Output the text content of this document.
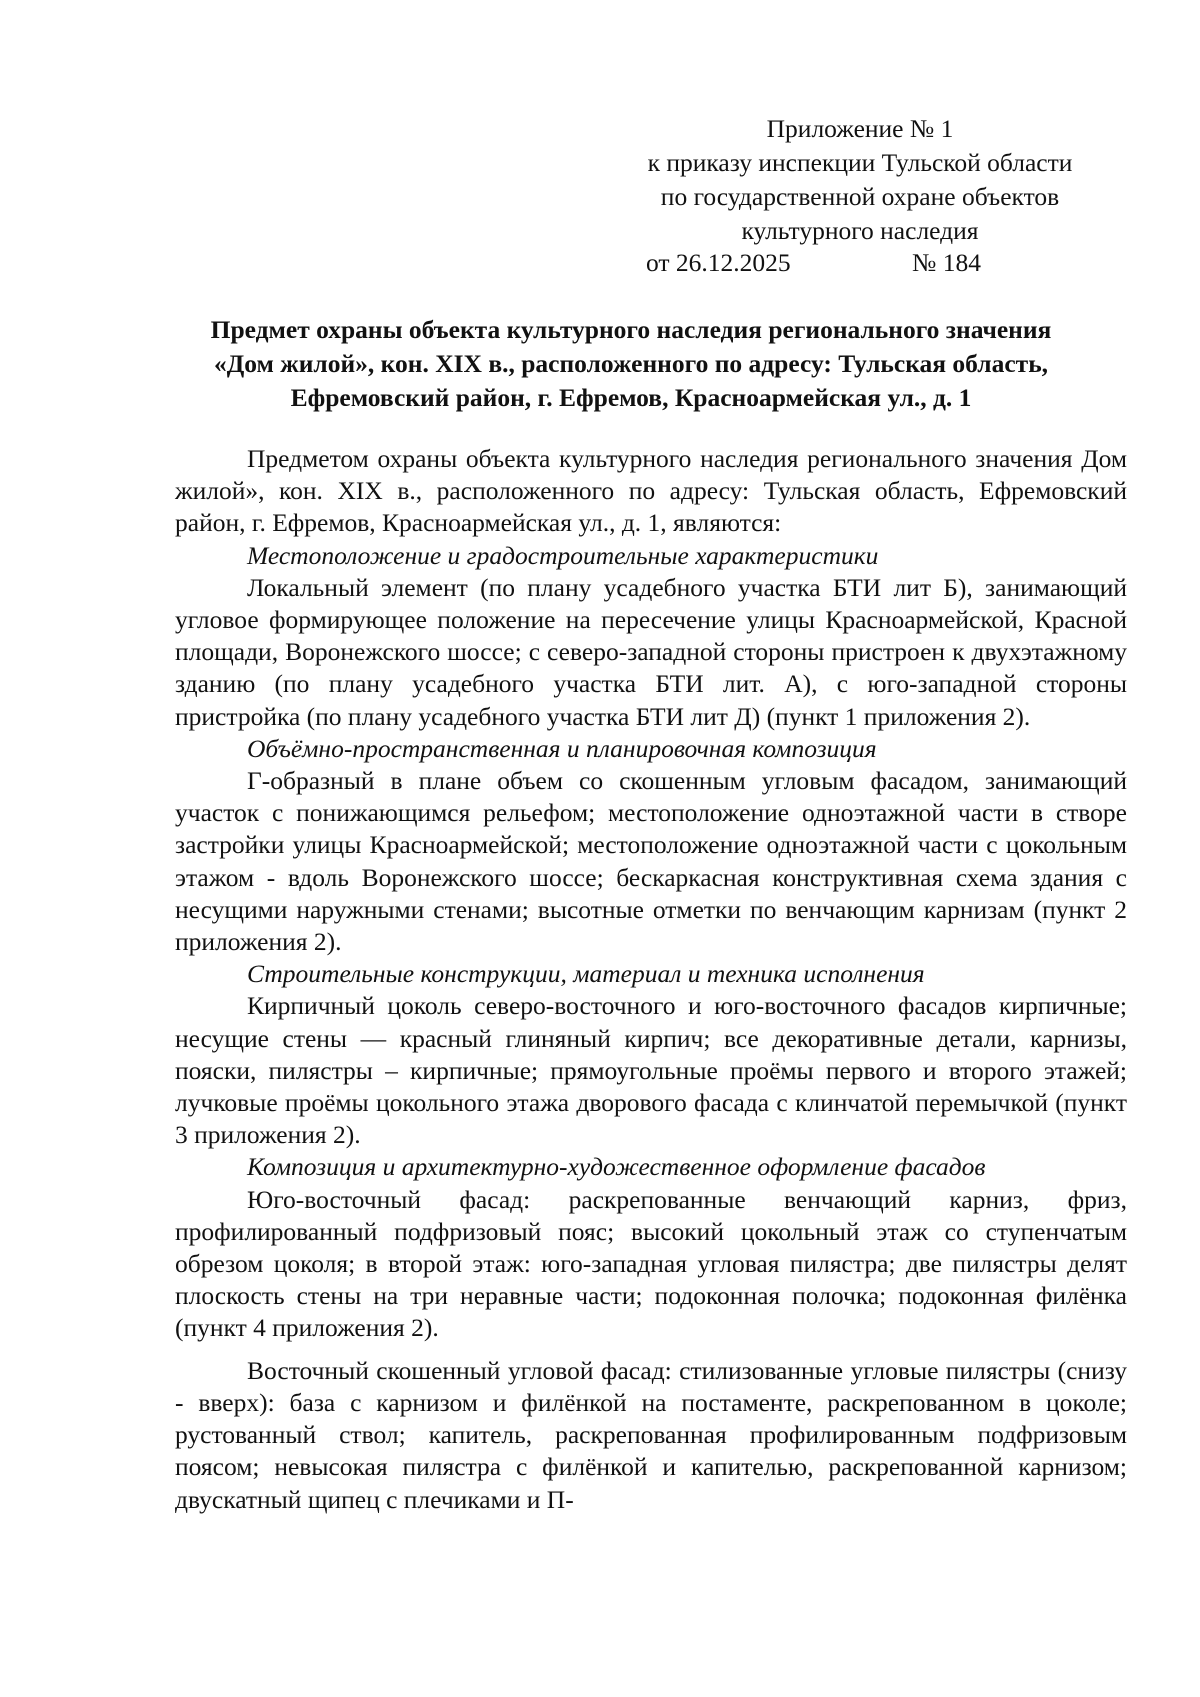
Приложение № 1
к приказу инспекции Тульской области
по государственной охране объектов
культурного наследия
от 26.12.2025	№ 184
Предмет охраны объекта культурного наследия регионального значения
«Дом жилой», кон. XIX в., расположенного по адресу: Тульская область,
Ефремовский район, г. Ефремов, Красноармейская ул., д. 1

Предметом охраны объекта культурного наследия регионального значения Дом жилой», кон. XIX в., расположенного по адресу: Тульская область, Ефремовский район, г. Ефремов, Красноармейская ул., д. 1, являются:

Местоположение и градостроительные характеристики

Локальный элемент (по плану усадебного участка БТИ лит Б), занимающий угловое формирующее положение на пересечение улицы Красноармейской, Красной площади, Воронежского шоссе; с северо-западной стороны пристроен к двухэтажному зданию (по плану усадебного участка БТИ лит. А), с юго-западной стороны пристройка (по плану усадебного участка БТИ лит Д) (пункт 1 приложения 2).

Объёмно-пространственная и планировочная композиция

Г-образный в плане объем со скошенным угловым фасадом, занимающий участок с понижающимся рельефом; местоположение одноэтажной части в створе застройки улицы Красноармейской; местоположение одноэтажной части с цокольным этажом - вдоль Воронежского шоссе; бескаркасная конструктивная схема здания с несущими наружными стенами; высотные отметки по венчающим карнизам (пункт 2 приложения 2).

Строительные конструкции, материал и техника исполнения

Кирпичный цоколь северо-восточного и юго-восточного фасадов кирпичные; несущие стены — красный глиняный кирпич; все декоративные детали, карнизы, пояски, пилястры – кирпичные; прямоугольные проёмы первого и второго этажей; лучковые проёмы цокольного этажа дворового фасада с клинчатой перемычкой (пункт 3 приложения 2).

Композиция и архитектурно-художественное оформление фасадов

Юго-восточный фасад: раскрепованные венчающий карниз, фриз, профилированный подфризовый пояс; высокий цокольный этаж со ступенчатым обрезом цоколя; в второй этаж: юго-западная угловая пилястра; две пилястры делят плоскость стены на три неравные части; подоконная полочка; подоконная филёнка (пункт 4 приложения 2).

Восточный скошенный угловой фасад: стилизованные угловые пилястры (снизу - вверх): база с карнизом и филёнкой на постаменте, раскрепованном в цоколе; рустованный ствол; капитель, раскрепованная профилированным подфризовым поясом; невысокая пилястра с филёнкой и капителью, раскрепованной карнизом; двускатный щипец с плечиками и П-
